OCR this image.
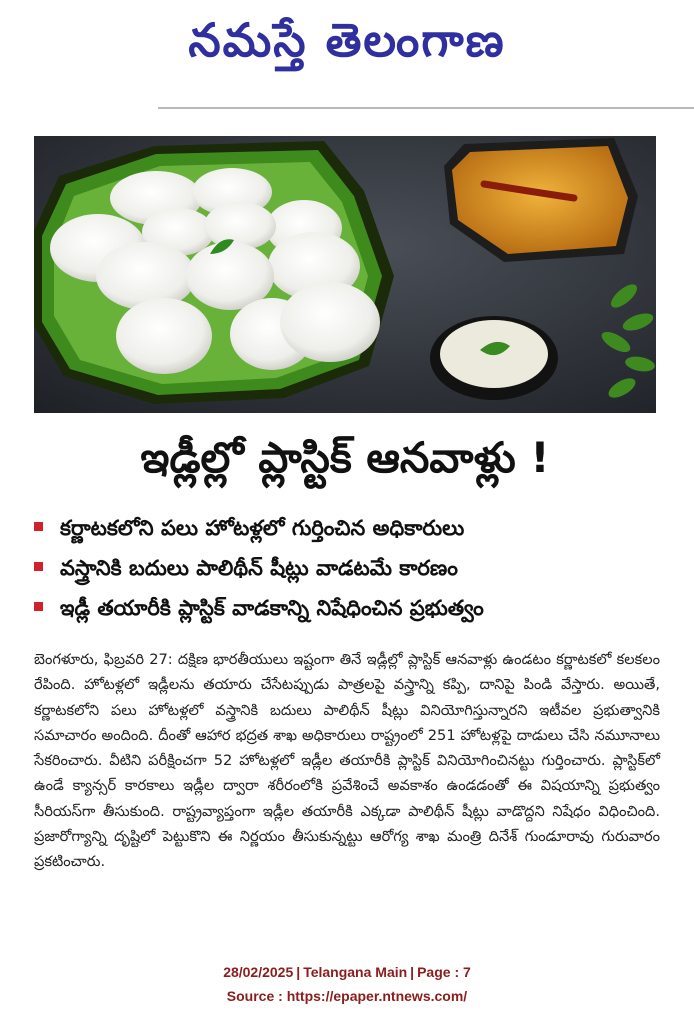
నమస్తే తెలంగాణ
ఇడ్లీల్లో ప్లాస్టిక్ ఆనవాళ్లు !
కర్ణాటకలోని పలు హోటళ్లలో గుర్తించిన అధికారులు
వస్త్రానికి బదులు పాలిథీన్ షీట్లు వాడటమే కారణం
ఇడ్లీ తయారీకి ప్లాస్టిక్ వాడకాన్ని నిషేధించిన ప్రభుత్వం
బెంగళూరు, ఫిబ్రవరి 27: దక్షిణ భారతీయులు ఇష్టంగా తినే ఇడ్లీల్లో ప్లాస్టిక్ ఆనవాళ్లు ఉండటం కర్ణాటకలో కలకలం రేపింది. హోటళ్లలో ఇడ్లీలను తయారు చేసేటప్పుడు పాత్రలపై వస్త్రాన్ని కప్పి, దానిపై పిండి వేస్తారు. అయితే, కర్ణాటకలోని పలు హోటళ్లలో వస్త్రానికి బదులు పాలిథీన్ షీట్లు వినియోగిస్తున్నారని ఇటీవల ప్రభుత్వానికి సమాచారం అందింది. దీంతో ఆహార భద్రత శాఖ అధికారులు రాష్ట్రంలో 251 హోటళ్లపై దాడులు చేసి నమూనాలు సేకరించారు. వీటిని పరీక్షించగా 52 హోటళ్లలో ఇడ్లీల తయారీకి ప్లాస్టిక్ వినియోగించినట్టు గుర్తించారు. ప్లాస్టిక్‌లో ఉండే క్యాన్సర్ కారకాలు ఇడ్లీల ద్వారా శరీరంలోకి ప్రవేశించే అవకాశం ఉండడంతో ఈ విషయాన్ని ప్రభుత్వం సీరియస్‌గా తీసుకుంది. రాష్ట్రవ్యాప్తంగా ఇడ్లీల తయారీకి ఎక్కడా పాలిథీన్ షీట్లు వాడొద్దని నిషేధం విధించింది. ప్రజారోగ్యాన్ని దృష్టిలో పెట్టుకొని ఈ నిర్ణయం తీసుకున్నట్టు ఆరోగ్య శాఖ మంత్రి దినేశ్ గుండూరావు గురువారం ప్రకటించారు.
28/02/2025 | Telangana Main | Page : 7
Source : https://epaper.ntnews.com/
